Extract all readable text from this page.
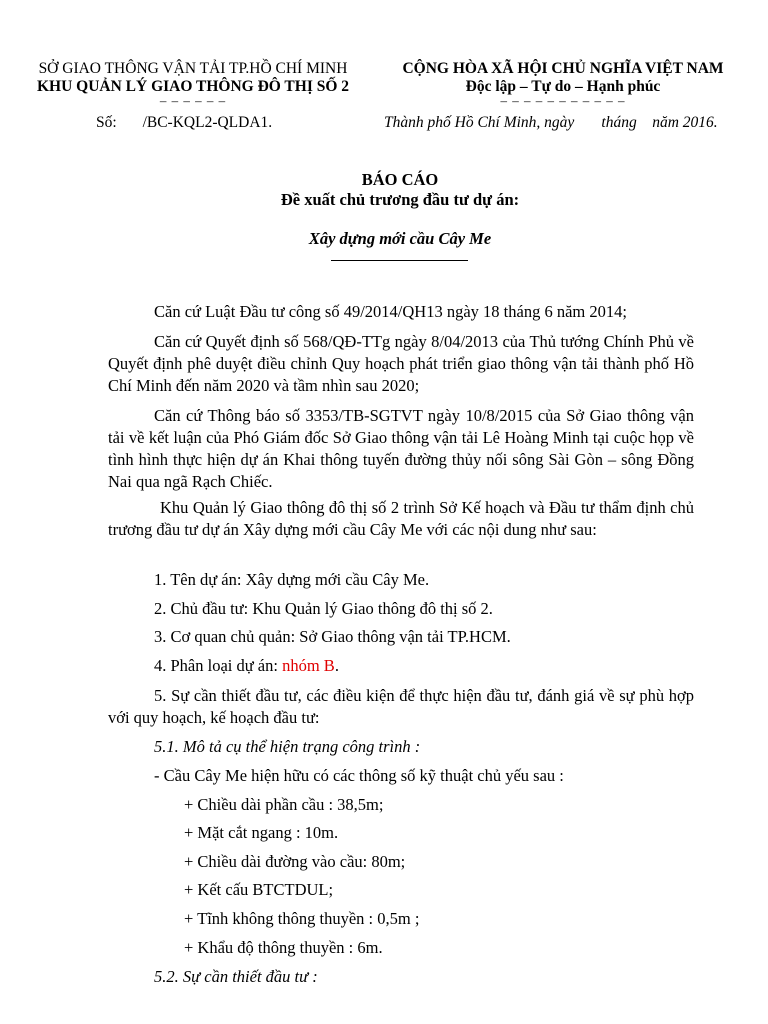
SỞ GIAO THÔNG VẬN TẢI TP.HỒ CHÍ MINH
KHU QUẢN LÝ GIAO THÔNG ĐÔ THỊ SỐ 2
– – – – – –
CỘNG HÒA XÃ HỘI CHỦ NGHĨA VIỆT NAM
Độc lập – Tự do – Hạnh phúc
– – – – – – – – – – –
Số: /BC-KQL2-QLDA1.	Thành phố Hồ Chí Minh, ngày       tháng    năm 2016.
BÁO CÁO
Đề xuất chủ trương đầu tư dự án:
Xây dựng mới cầu Cây Me
Căn cứ Luật Đầu tư công số 49/2014/QH13 ngày 18 tháng 6 năm 2014;
Căn cứ Quyết định số 568/QĐ-TTg ngày 8/04/2013 của Thủ tướng Chính Phủ về Quyết định phê duyệt điều chỉnh Quy hoạch phát triển giao thông vận tải thành phố Hồ Chí Minh đến năm 2020 và tầm nhìn sau 2020;
Căn cứ Thông báo số 3353/TB-SGTVT ngày 10/8/2015 của Sở Giao thông vận tải về kết luận của Phó Giám đốc Sở Giao thông vận tải Lê Hoàng Minh tại cuộc họp về tình hình thực hiện dự án Khai thông tuyến đường thủy nối sông Sài Gòn – sông Đồng Nai qua ngã Rạch Chiếc.
Khu Quản lý Giao thông đô thị số 2 trình Sở Kế hoạch và Đầu tư thẩm định chủ trương đầu tư dự án Xây dựng mới cầu Cây Me với các nội dung như sau:
1. Tên dự án: Xây dựng mới cầu Cây Me.
2. Chủ đầu tư: Khu Quản lý Giao thông đô thị số 2.
3. Cơ quan chủ quản: Sở Giao thông vận tải TP.HCM.
4. Phân loại dự án: nhóm B.
5. Sự cần thiết đầu tư, các điều kiện để thực hiện đầu tư, đánh giá về sự phù hợp với quy hoạch, kế hoạch đầu tư:
5.1. Mô tả cụ thể hiện trạng công trình :
- Cầu Cây Me hiện hữu có các thông số kỹ thuật chủ yếu sau :
+ Chiều dài phần cầu : 38,5m;
+ Mặt cắt ngang : 10m.
+ Chiều dài đường vào cầu: 80m;
+ Kết cấu BTCTDUL;
+ Tĩnh không thông thuyền : 0,5m ;
+ Khẩu độ thông thuyền : 6m.
5.2. Sự cần thiết đầu tư :
